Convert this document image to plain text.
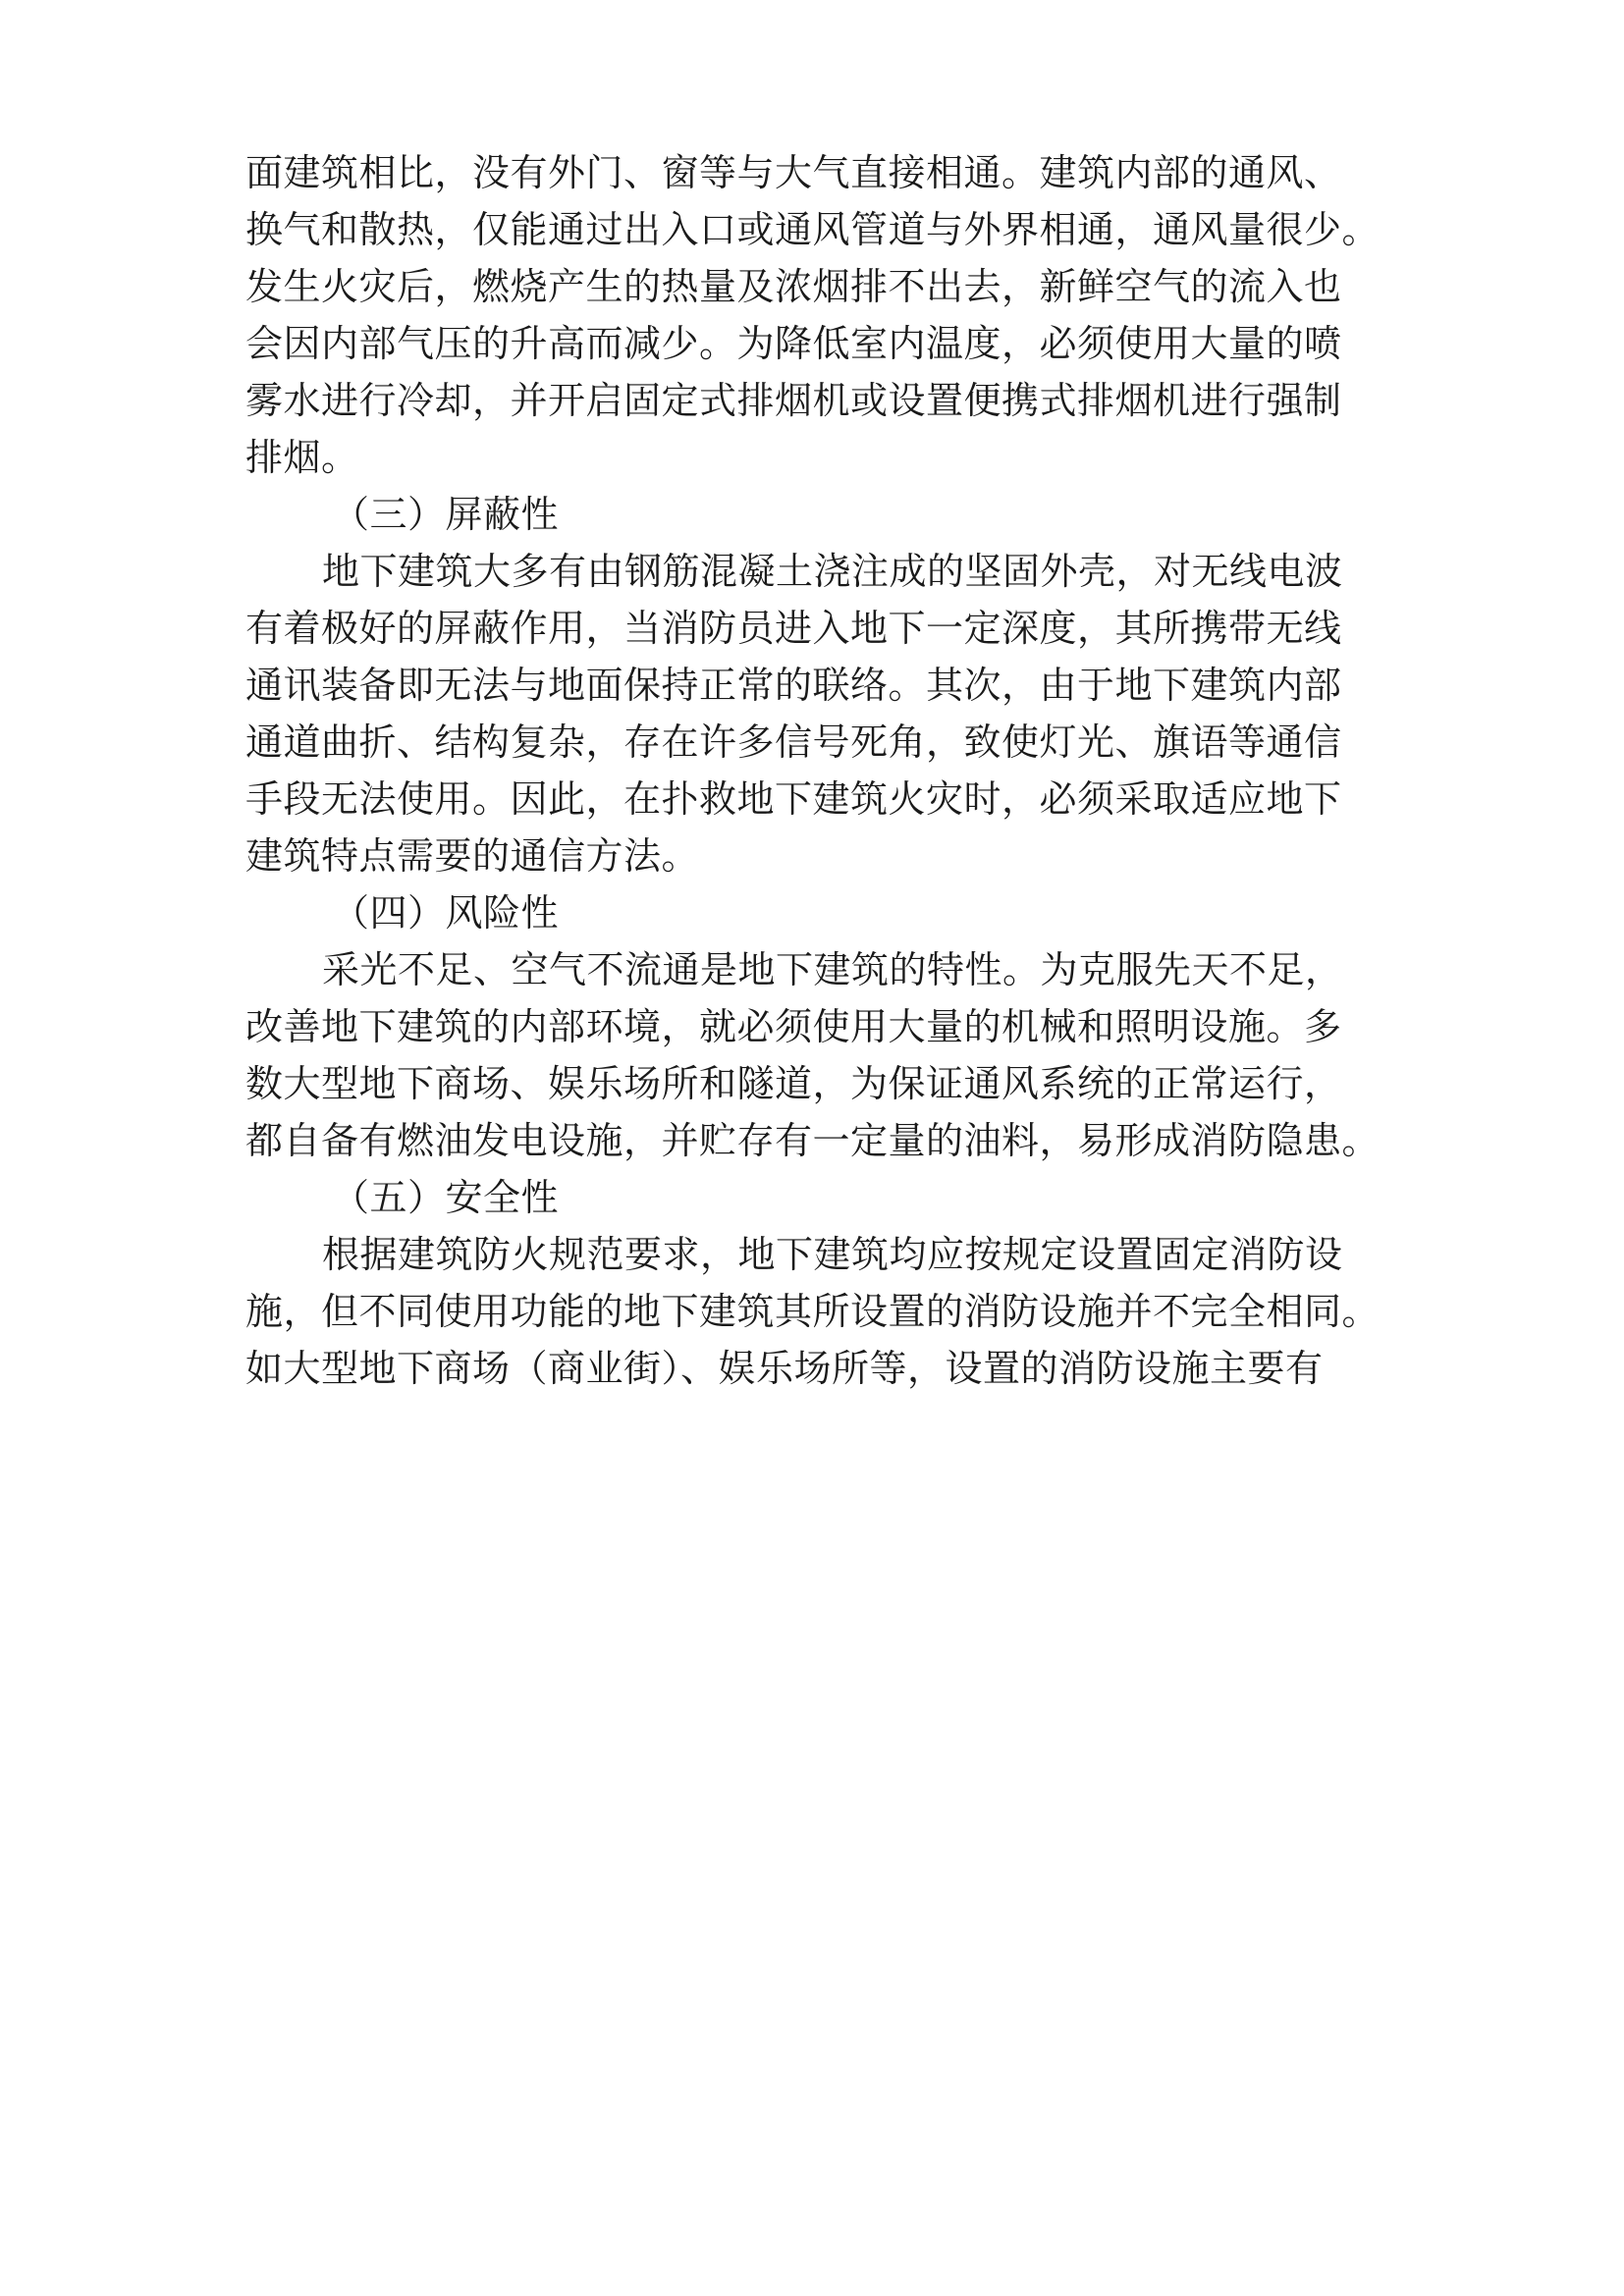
面建筑相比，没有外门、窗等与大气直接相通。建筑内部的通风、
换气和散热，仅能通过出入口或通风管道与外界相通，通风量很少。
发生火灾后，燃烧产生的热量及浓烟排不出去，新鲜空气的流入也
会因内部气压的升高而减少。为降低室内温度，必须使用大量的喷
雾水进行冷却，并开启固定式排烟机或设置便携式排烟机进行强制
排烟。
（三）屏蔽性
地下建筑大多有由钢筋混凝土浇注成的坚固外壳，对无线电波
有着极好的屏蔽作用，当消防员进入地下一定深度，其所携带无线
通讯装备即无法与地面保持正常的联络。其次，由于地下建筑内部
通道曲折、结构复杂，存在许多信号死角，致使灯光、旗语等通信
手段无法使用。因此，在扑救地下建筑火灾时，必须采取适应地下
建筑特点需要的通信方法。
（四）风险性
采光不足、空气不流通是地下建筑的特性。为克服先天不足，
改善地下建筑的内部环境，就必须使用大量的机械和照明设施。多
数大型地下商场、娱乐场所和隧道，为保证通风系统的正常运行，
都自备有燃油发电设施，并贮存有一定量的油料，易形成消防隐患。
（五）安全性
根据建筑防火规范要求，地下建筑均应按规定设置固定消防设
施，但不同使用功能的地下建筑其所设置的消防设施并不完全相同。
如大型地下商场（商业街）、娱乐场所等，设置的消防设施主要有
